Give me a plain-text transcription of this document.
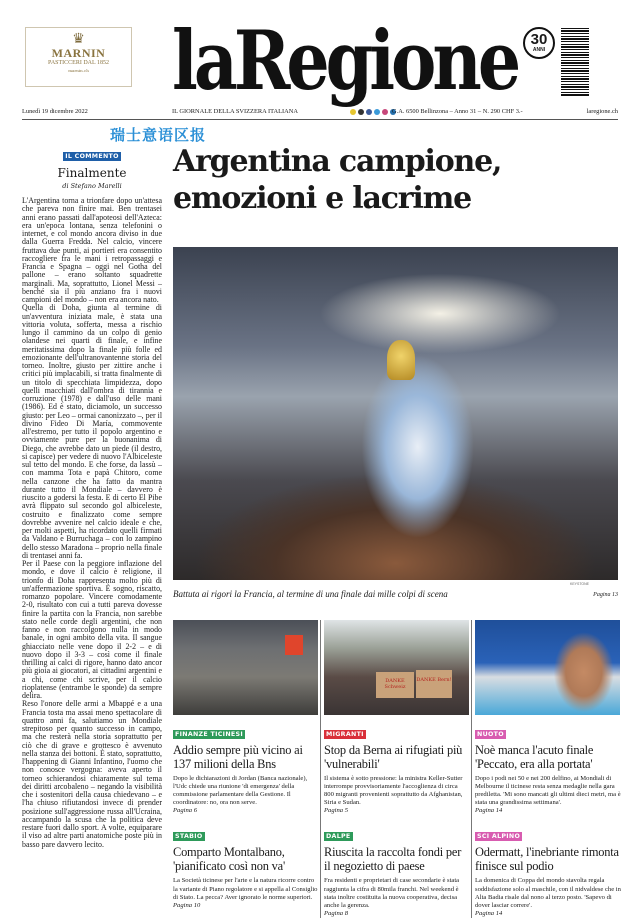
♛
MARNIN
PASTICCERI DAL 1852
marnin.ch	laRegione 30
ANNI
Lunedì 19 dicembre 2022	IL GIORNALE DELLA SVIZZERA ITALIANA	G.A. 6500 Bellinzona – Anno 31 – N. 290 CHF 3.-	laregione.ch
瑞士意语区报
IL COMMENTO
Finalmente
di Stefano Marelli

L'Argentina torna a trionfare dopo un'attesa che pareva non finire mai. Ben trentasei anni erano passati dall'apoteosi dell'Azteca: era un'epoca lontana, senza telefonini o internet, e col mondo ancora diviso in due dalla Guerra Fredda. Nel calcio, vincere fruttava due punti, ai portieri era consentito raccogliere fra le mani i retropassaggi e Francia e Spagna – oggi nel Gotha del pallone – erano soltanto squadrette marginali. Ma, soprattutto, Lionel Messi – benché sia il più anziano fra i nuovi campioni del mondo – non era ancora nato.

Quella di Doha, giunta al termine di un'avventura iniziata male, è stata una vittoria voluta, sofferta, messa a rischio lungo il cammino da un colpo di genio olandese nei quarti di finale, e infine meritatissima dopo la finale più folle ed emozionante dell'ultranovantenne storia del torneo. Inoltre, giusto per zittire anche i critici più implacabili, si tratta finalmente di un titolo di specchiata limpidezza, dopo quelli macchiati dall'ombra di tirannia e corruzione (1978) e dall'uso delle mani (1986). Ed è stato, diciamolo, un successo giusto: per Leo – ormai canonizzato –, per il divino Fideo Di María, commovente all'estremo, per tutto il popolo argentino e ovviamente pure per la buonanima di Diego, che avrebbe dato un piede (il destro, si capisce) per vedere di nuovo l'Albiceleste sul tetto del mondo. E che forse, da lassù – con mamma Tota e papà Chitoro, come nella canzone che ha fatto da mantra durante tutto il Mondiale – davvero è riuscito a godersi la festa. E di certo El Pibe avrà flippato sul secondo gol albiceleste, costruito e finalizzato come sempre dovrebbe avvenire nel calcio ideale e che, per molti aspetti, ha ricordato quelli firmati da Valdano e Burruchaga – con lo zampino dello stesso Maradona – proprio nella finale di trentasei anni fa.

Per il Paese con la peggiore inflazione del mondo, e dove il calcio è religione, il trionfo di Doha rappresenta molto più di un'affermazione sportiva. È sogno, riscatto, romanzo popolare. Vincere comodamente 2-0, risultato con cui a tutti pareva dovesse finire la partita con la Francia, non sarebbe stato nelle corde degli argentini, che non fanno e non raccolgono nulla in modo banale, in ogni ambito della vita. Il sangue ghiacciato nelle vene dopo il 2-2 – e di nuovo dopo il 3-3 – così come il finale thrilling ai calci di rigore, hanno dato ancor più gioia ai giocatori, ai cittadini argentini e a chi, come chi scrive, per il calcio rioplatense (entrambe le sponde) da sempre delira.

Reso l'onore delle armi a Mbappé e a una Francia tosta ma assai meno spettacolare di quattro anni fa, salutiamo un Mondiale strepitoso per quanto successo in campo, ma che resterà nella storia soprattutto per ciò che di grave e grottesco è avvenuto nella stanza dei bottoni. È stato, soprattutto, l'happening di Gianni Infantino, l'uomo che non conosce vergogna: aveva aperto il torneo schierandosi chiaramente sul tema dei diritti arcobaleno – negando la visibilità che i sostenitori della causa chiedevano – e l'ha chiuso rifiutandosi invece di prender posizione sull'aggressione russa all'Ucraina, accampando la scusa che la politica deve restare fuori dallo sport. A volte, equiparare il viso ad altre parti anatomiche poste più in basso pare davvero lecito.

Argentina campione,
emozioni e lacrime
KEYSTONE
Battuta ai rigori la Francia, al termine di una finale dai mille colpi di scena	Pagina 13
FINANZE TICINESI
Addio sempre più vicino ai 137 milioni della Bns

Dopo le dichiarazioni di Jordan (Banca nazionale), l'Udc chiede una riunione 'di emergenza' della commissione parlamentare della Gestione. Il coordinatore: no, ora non serve.
Pagina 6

STABIO
Comparto Montalbano, 'pianificato così non va'

La Società ticinese per l'arte e la natura ricorre contro la variante di Piano regolatore e si appella al Consiglio di Stato. La pecca? Aver ignorato le norme superiori.
Pagina 10

DANKE Schweiz
DANKE Bern!
MIGRANTI
Stop da Berna ai rifugiati più 'vulnerabili'

Il sistema è sotto pressione: la ministra Keller-Sutter interrompe provvisoriamente l'accoglienza di circa 800 migranti provenienti soprattutto da Afghanistan, Siria e Sudan.
Pagina 5

DALPE
Riuscita la raccolta fondi per il negozietto di paese

Fra residenti e proprietari di case secondarie è stata raggiunta la cifra di 80mila franchi. Nel weekend è stata inoltre costituita la nuova cooperativa, decisa anche la gerenza.
Pagina 8

NUOTO
Noè manca l'acuto finale 'Peccato, era alla portata'

Dopo i podi nei 50 e nei 200 delfino, ai Mondiali di Melbourne il ticinese resta senza medaglie nella gara prediletta. 'Mi sono mancati gli ultimi dieci metri, ma è stata una grandissima settimana'.
Pagina 14

SCI ALPINO
Odermatt, l'inebriante rimonta finisce sul podio

La domenica di Coppa del mondo stavolta regala soddisfazione solo al maschile, con il nidvaldese che in Alta Badia risale dal nono al terzo posto. 'Sapevo di dover lasciar correre'.
Pagina 14
